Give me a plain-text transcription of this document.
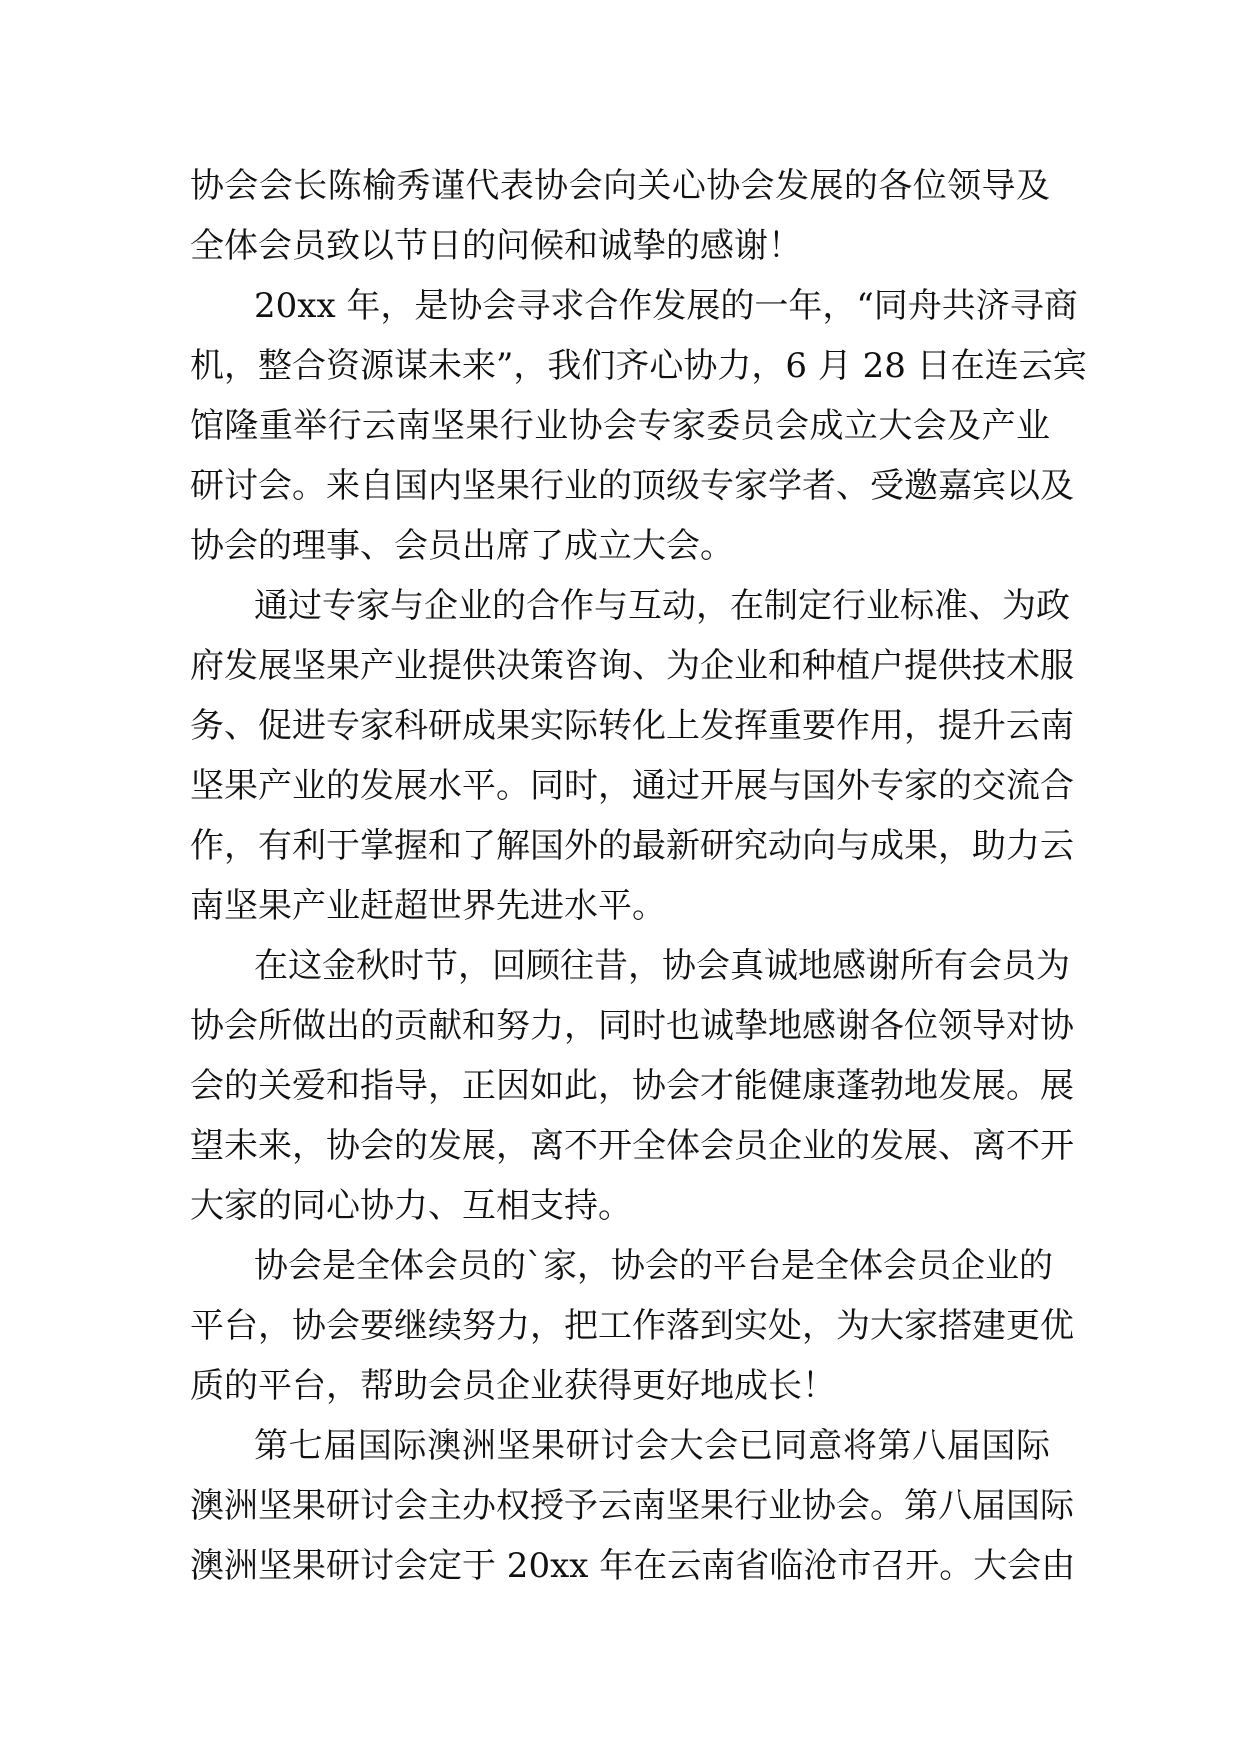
协会会长陈榆秀谨代表协会向关心协会发展的各位领导及
全体会员致以节日的问候和诚挚的感谢！
20xx 年，是协会寻求合作发展的一年，“同舟共济寻商
机，整合资源谋未来”，我们齐心协力，6 月 28 日在连云宾
馆隆重举行云南坚果行业协会专家委员会成立大会及产业
研讨会。来自国内坚果行业的顶级专家学者、受邀嘉宾以及
协会的理事、会员出席了成立大会。
通过专家与企业的合作与互动，在制定行业标准、为政
府发展坚果产业提供决策咨询、为企业和种植户提供技术服
务、促进专家科研成果实际转化上发挥重要作用，提升云南
坚果产业的发展水平。同时，通过开展与国外专家的交流合
作，有利于掌握和了解国外的最新研究动向与成果，助力云
南坚果产业赶超世界先进水平。
在这金秋时节，回顾往昔，协会真诚地感谢所有会员为
协会所做出的贡献和努力，同时也诚挚地感谢各位领导对协
会的关爱和指导，正因如此，协会才能健康蓬勃地发展。展
望未来，协会的发展，离不开全体会员企业的发展、离不开
大家的同心协力、互相支持。
协会是全体会员的`家，协会的平台是全体会员企业的
平台，协会要继续努力，把工作落到实处，为大家搭建更优
质的平台，帮助会员企业获得更好地成长！
第七届国际澳洲坚果研讨会大会已同意将第八届国际
澳洲坚果研讨会主办权授予云南坚果行业协会。第八届国际
澳洲坚果研讨会定于 20xx 年在云南省临沧市召开。大会由
